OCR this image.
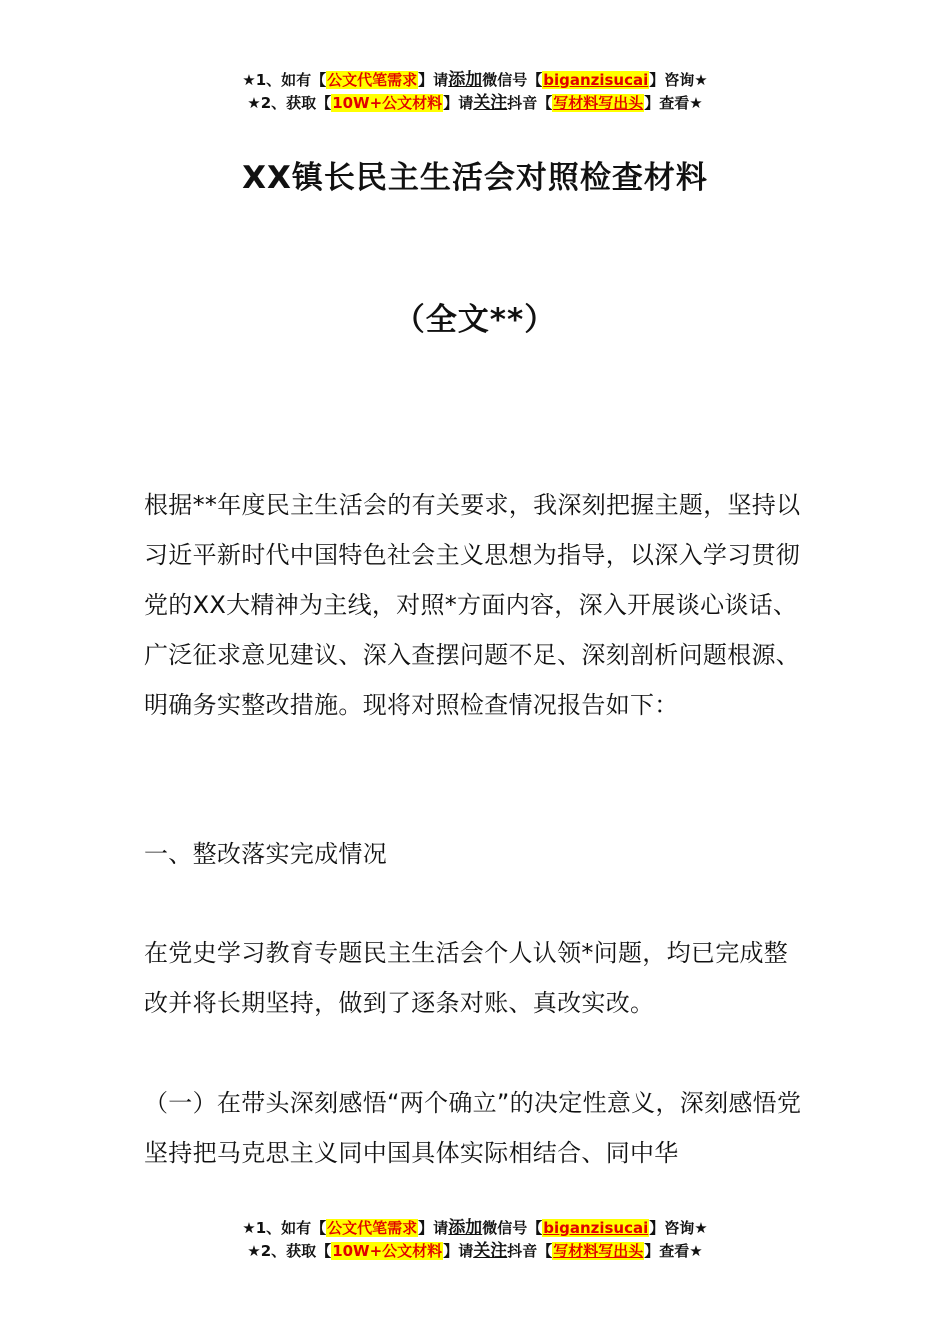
★1、如有【公文代笔需求】请添加微信号【biganzisucai】咨询★
★2、获取【10W+公文材料】请关注抖音【写材料写出头】查看★
XX镇长民主生活会对照检查材料
（全文**）
根据**年度民主生活会的有关要求，我深刻把握主题，坚持以习近平新时代中国特色社会主义思想为指导，以深入学习贯彻党的XX大精神为主线，对照*方面内容，深入开展谈心谈话、广泛征求意见建议、深入查摆问题不足、深刻剖析问题根源、明确务实整改措施。现将对照检查情况报告如下：
一、整改落实完成情况
在党史学习教育专题民主生活会个人认领*问题，均已完成整改并将长期坚持，做到了逐条对账、真改实改。
（一）在带头深刻感悟“两个确立”的决定性意义，深刻感悟党坚持把马克思主义同中国具体实际相结合、同中华
★1、如有【公文代笔需求】请添加微信号【biganzisucai】咨询★
★2、获取【10W+公文材料】请关注抖音【写材料写出头】查看★
